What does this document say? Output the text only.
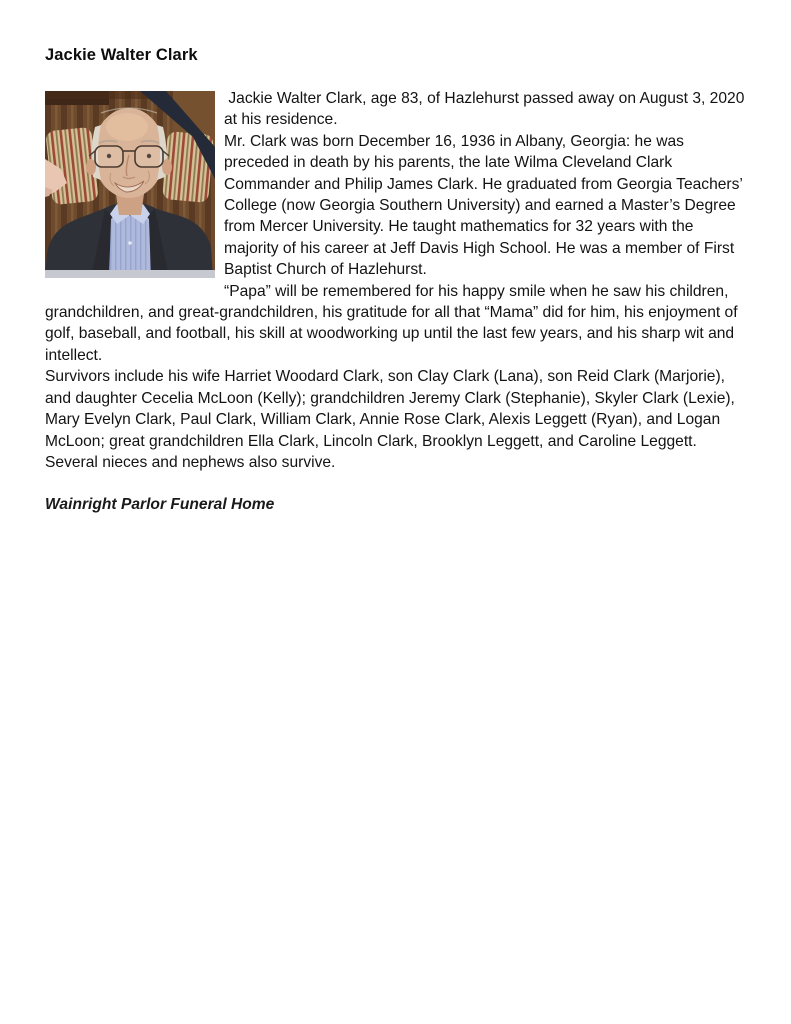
Jackie Walter Clark

Jackie Walter Clark, age 83, of Hazlehurst passed away on August 3, 2020 at his residence.

Mr. Clark was born December 16, 1936 in Albany, Georgia: he was preceded in death by his parents, the late Wilma Cleveland Clark Commander and Philip James Clark. He graduated from Georgia Teachers’ College (now Georgia Southern University) and earned a Master’s Degree from Mercer University. He taught mathematics for 32 years with the majority of his career at Jeff Davis High School. He was a member of First Baptist Church of Hazlehurst.

“Papa” will be remembered for his happy smile when he saw his children, grandchildren, and great-grandchildren, his gratitude for all that “Mama” did for him, his enjoyment of golf, baseball, and football, his skill at woodworking up until the last few years, and his sharp wit and intellect.

Survivors include his wife Harriet Woodard Clark, son Clay Clark (Lana), son Reid Clark (Marjorie), and daughter Cecelia McLoon (Kelly); grandchildren Jeremy Clark (Stephanie), Skyler Clark (Lexie), Mary Evelyn Clark, Paul Clark, William Clark, Annie Rose Clark, Alexis Leggett (Ryan), and Logan McLoon; great grandchildren Ella Clark, Lincoln Clark, Brooklyn Leggett, and Caroline Leggett. Several nieces and nephews also survive.

Wainright Parlor Funeral Home
